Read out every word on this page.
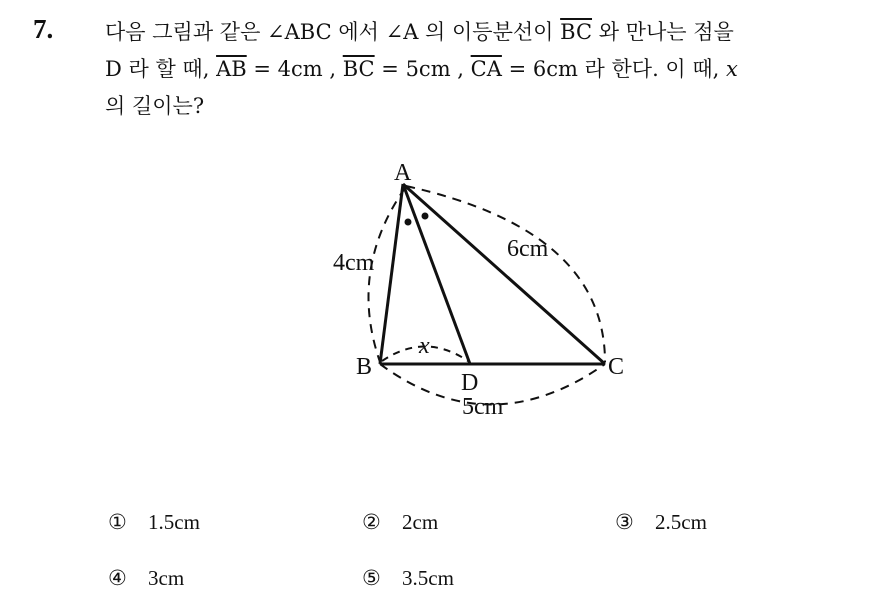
7. 다음 그림과 같은 ∠ABC 에서 ∠A 의 이등분선이 $\overline{BC}$ 와 만나는 점을
D 라 할 때, $\overline{AB} = 4cm$ , $\overline{BC} = 5cm$ , $\overline{CA} = 6cm$ 라 한다. 이 때, x
의 길이는?
A
B	C
D
4cm
6cm
5cm
x
① 1.5cm	② 2cm	③ 2.5cm
④ 3cm	⑤ 3.5cm
